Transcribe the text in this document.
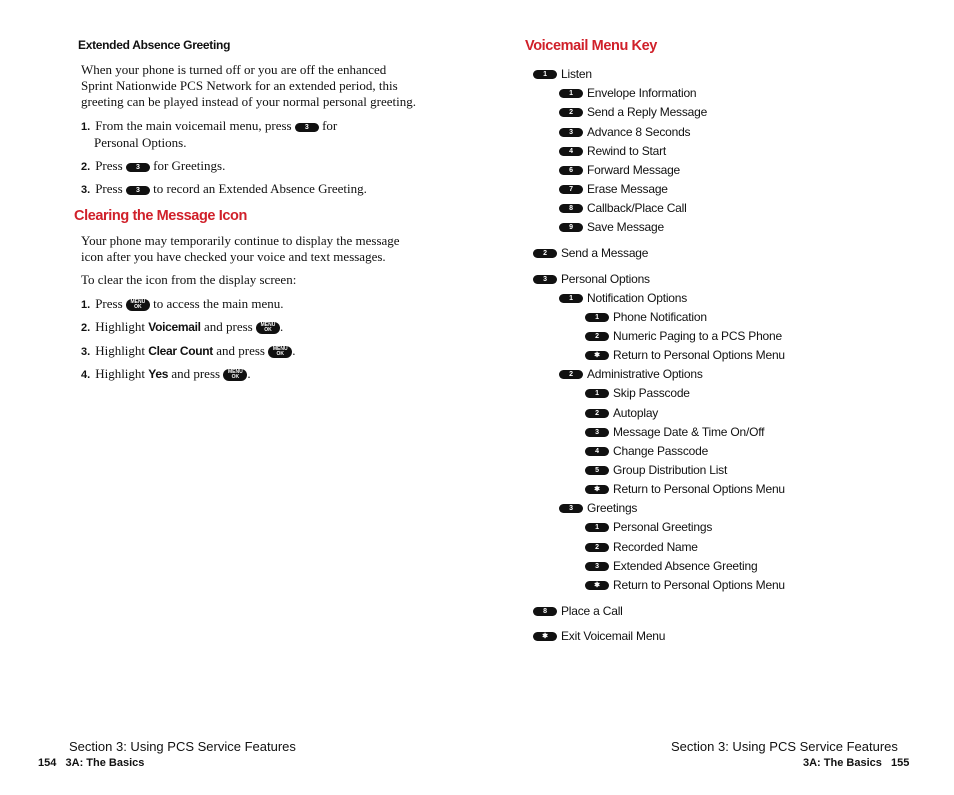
Extended Absence Greeting
When your phone is turned off or you are off the enhanced
Sprint Nationwide PCS Network for an extended period, this
greeting can be played instead of your normal personal greeting.
1. From the main voicemail menu, press 3 for
Personal Options.
2. Press 3 for Greetings.
3. Press 3 to record an Extended Absence Greeting.
Clearing the Message Icon
Your phone may temporarily continue to display the message
icon after you have checked your voice and text messages.
To clear the icon from the display screen:
1. Press MENU
OK to access the main menu.
2. Highlight Voicemail and press MENU
OK .
3. Highlight Clear Count and press MENU
OK .
4. Highlight Yes and press MENU
OK .
Voicemail Menu Key
1	Listen
1	Envelope Information
2	Send a Reply Message
3	Advance 8 Seconds
4	Rewind to Start
6	Forward Message
7	Erase Message
8	Callback/Place Call
9	Save Message
2	Send a Message
3	Personal Options
1	Notification Options
1	Phone Notification
2	Numeric Paging to a PCS Phone
✱	Return to Personal Options Menu
2	Administrative Options
1	Skip Passcode
2	Autoplay
3	Message Date & Time On/Off
4	Change Passcode
5	Group Distribution List
✱	Return to Personal Options Menu
3	Greetings
1	Personal Greetings
2	Recorded Name
3	Extended Absence Greeting
✱	Return to Personal Options Menu
8	Place a Call
✱	Exit Voicemail Menu
Section 3: Using PCS Service Features
154 3A: The Basics
Section 3: Using PCS Service Features
3A: The Basics 155
